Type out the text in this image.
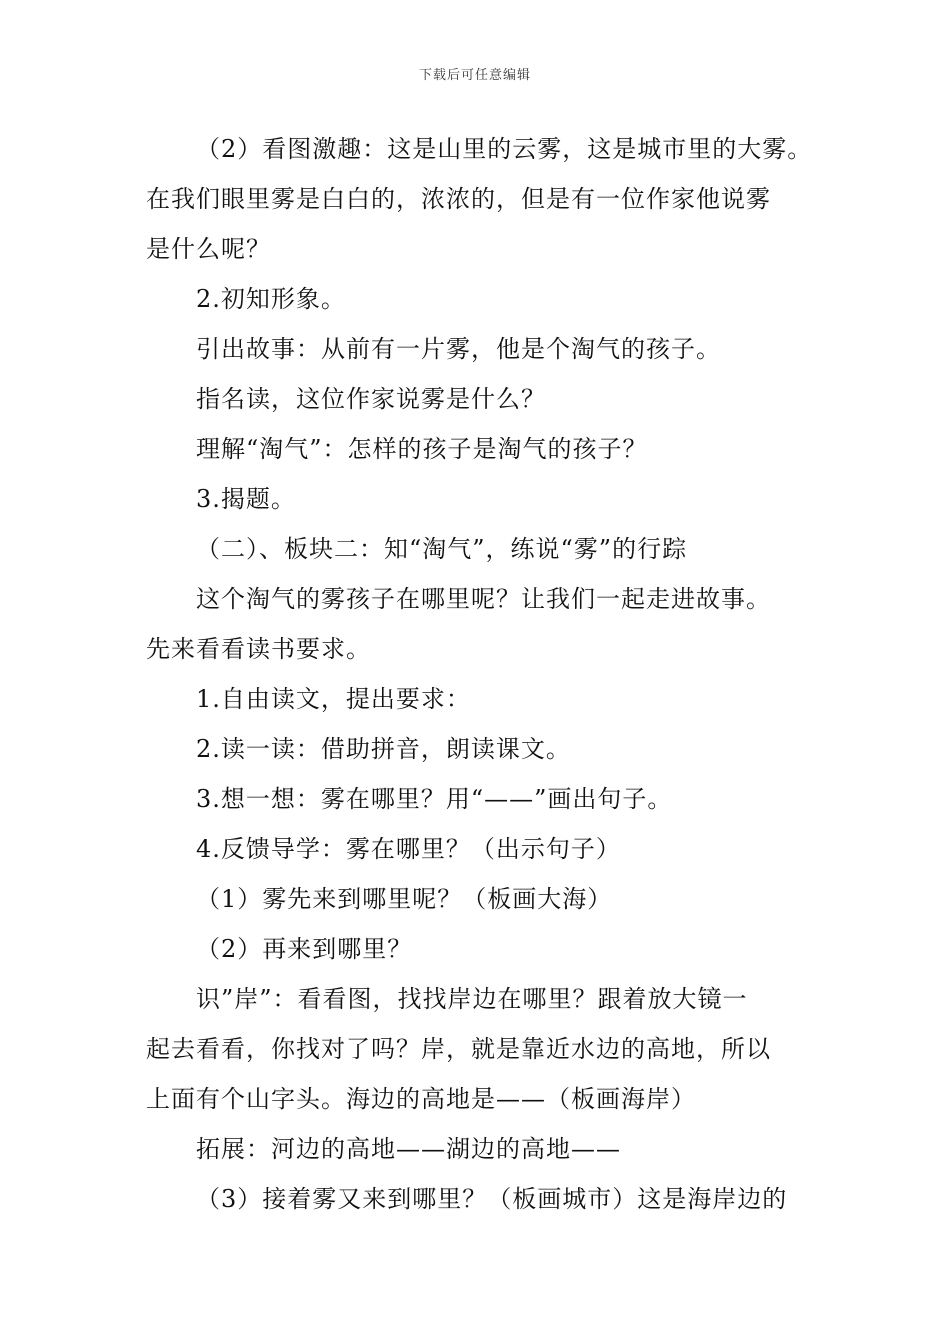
下载后可任意编辑
（2）看图激趣：这是山里的云雾，这是城市里的大雾。
在我们眼里雾是白白的，浓浓的，但是有一位作家他说雾
是什么呢？
2.初知形象。
引出故事：从前有一片雾，他是个淘气的孩子。
指名读，这位作家说雾是什么？
理解“淘气”：怎样的孩子是淘气的孩子？
3.揭题。
（二）、板块二：知“淘气”，练说“雾”的行踪
这个淘气的雾孩子在哪里呢？让我们一起走进故事。
先来看看读书要求。
1.自由读文，提出要求：
2.读一读：借助拼音，朗读课文。
3.想一想：雾在哪里？用“——”画出句子。
4.反馈导学：雾在哪里？（出示句子）
（1）雾先来到哪里呢？（板画大海）
（2）再来到哪里？
识”岸”：看看图，找找岸边在哪里？跟着放大镜一
起去看看，你找对了吗？岸，就是靠近水边的高地，所以
上面有个山字头。海边的高地是——（板画海岸）
拓展：河边的高地——湖边的高地——
（3）接着雾又来到哪里？（板画城市）这是海岸边的
